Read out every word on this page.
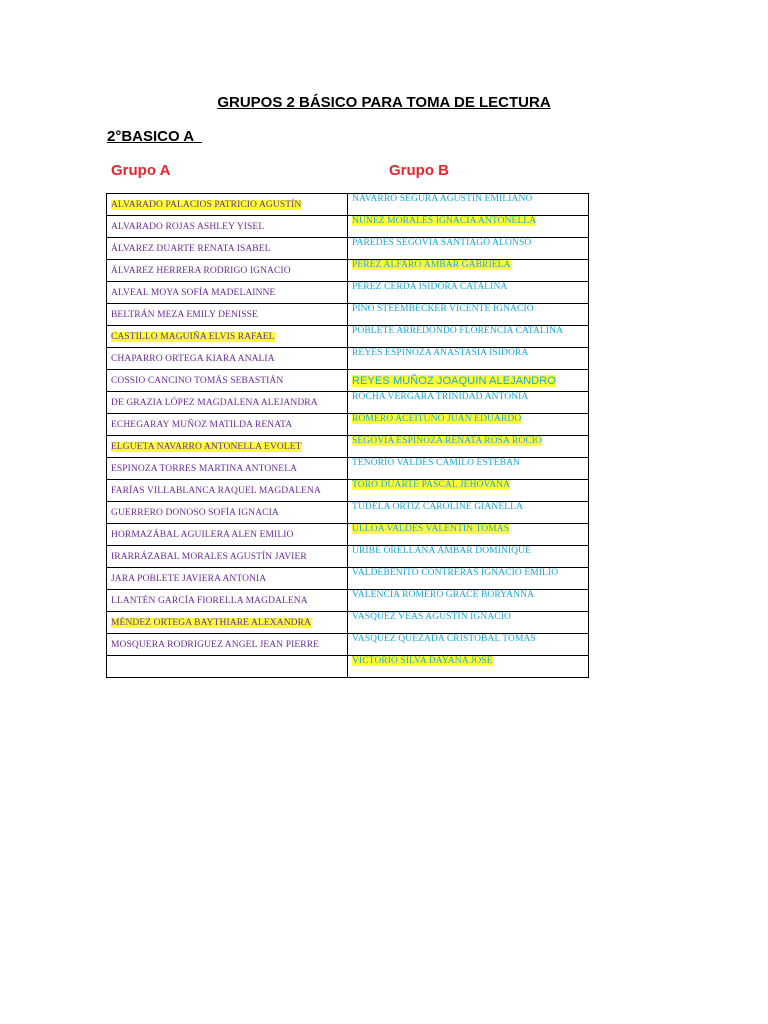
GRUPOS 2 BÁSICO PARA TOMA DE LECTURA
2°BASICO A
Grupo A	Grupo B
ALVARADO PALACIOS PATRICIO AGUSTÍN	NAVARRO SEGURA AGUSTÍN EMILIANO
ALVARADO ROJAS ASHLEY YISEL	NÚÑEZ MORALES IGNACIA ANTONELLA
ÁLVAREZ DUARTE RENATA ISABEL	PAREDES SEGOVIA SANTIAGO ALONSO
ÁLVAREZ HERRERA RODRIGO IGNACIO	PÉREZ ALFARO ÁMBAR GABRIELA
ALVEAL MOYA SOFÍA MADELAINNE	PEREZ CERDA ISIDORA CATALINA
BELTRÁN MEZA EMILY DENISSE	PINO STEEMBECKER VICENTE IGNACIO
CASTILLO MAGUIÑA ELVIS RAFAEL	POBLETE ARREDONDO FLORENCIA CATALINA
CHAPARRO ORTEGA KIARA ANALIA	REYES ESPINOZA ANASTASIA ISIDORA
COSSIO CANCINO TOMÁS SEBASTIÁN	REYES MUÑOZ JOAQUIN ALEJANDRO
DE GRAZIA LÓPEZ MAGDALENA ALEJANDRA	ROCHA VERGARA TRINIDAD ANTONIA
ECHEGARAY MUÑOZ MATILDA RENATA	ROMERO ACEITUNO JUAN EDUARDO
ELGUETA NAVARRO ANTONELLA EVOLET	SEGOVIA ESPINOZA RENATA ROSA ROCÍO
ESPINOZA TORRES MARTINA ANTONELA	TENORIO VALDÉS CAMILO ESTEBAN
FARÍAS VILLABLANCA RAQUEL MAGDALENA	TORO DUARTE PASCAL JEHOVANA
GUERRERO DONOSO SOFÍA IGNACIA	TUDELA ORTIZ CAROLINE GIANELLA
HORMAZÁBAL AGUILERA ALEN EMILIO	ULLOA VALDÉS VALENTÍN TOMÁS
IRARRÁZABAL MORALES AGUSTÍN JAVIER	URIBE ORELLANA ÁMBAR DOMINIQUE
JARA POBLETE JAVIERA ANTONIA	VALDEBENITO CONTRERAS IGNACIO EMILIO
LLANTÉN GARCÍA FIORELLA MAGDALENA	VALENCIA ROMERO GRACE BORYANNA
MÉNDEZ ORTEGA BAYTHIARE ALEXANDRA	VASQUEZ VEAS AGUSTÍN IGNACIO
MOSQUERA RODRIGUEZ ANGEL JEAN PIERRE	VASQUEZ QUEZADA CRISTOBAL TOMAS
	VICTORIO SILVA DAYANA JOSÉ
